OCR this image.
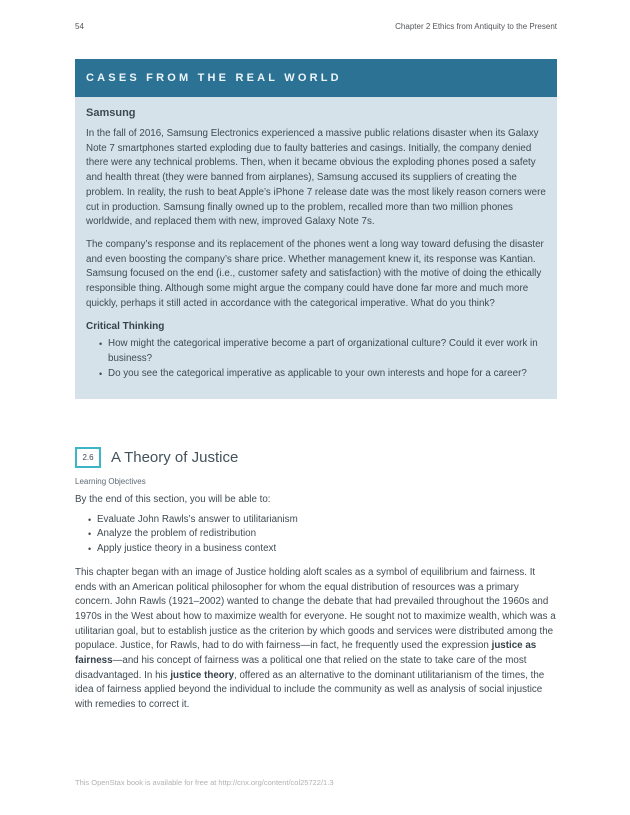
54	Chapter 2 Ethics from Antiquity to the Present
CASES FROM THE REAL WORLD
Samsung

In the fall of 2016, Samsung Electronics experienced a massive public relations disaster when its Galaxy Note 7 smartphones started exploding due to faulty batteries and casings. Initially, the company denied there were any technical problems. Then, when it became obvious the exploding phones posed a safety and health threat (they were banned from airplanes), Samsung accused its suppliers of creating the problem. In reality, the rush to beat Apple’s iPhone 7 release date was the most likely reason corners were cut in production. Samsung finally owned up to the problem, recalled more than two million phones worldwide, and replaced them with new, improved Galaxy Note 7s.

The company’s response and its replacement of the phones went a long way toward defusing the disaster and even boosting the company’s share price. Whether management knew it, its response was Kantian. Samsung focused on the end (i.e., customer safety and satisfaction) with the motive of doing the ethically responsible thing. Although some might argue the company could have done far more and much more quickly, perhaps it still acted in accordance with the categorical imperative. What do you think?

Critical Thinking
• How might the categorical imperative become a part of organizational culture? Could it ever work in business?
• Do you see the categorical imperative as applicable to your own interests and hope for a career?
2.6	A Theory of Justice
Learning Objectives

By the end of this section, you will be able to:

• Evaluate John Rawls’s answer to utilitarianism
• Analyze the problem of redistribution
• Apply justice theory in a business context

This chapter began with an image of Justice holding aloft scales as a symbol of equilibrium and fairness. It ends with an American political philosopher for whom the equal distribution of resources was a primary concern. John Rawls (1921–2002) wanted to change the debate that had prevailed throughout the 1960s and 1970s in the West about how to maximize wealth for everyone. He sought not to maximize wealth, which was a utilitarian goal, but to establish justice as the criterion by which goods and services were distributed among the populace. Justice, for Rawls, had to do with fairness—in fact, he frequently used the expression justice as fairness—and his concept of fairness was a political one that relied on the state to take care of the most disadvantaged. In his justice theory, offered as an alternative to the dominant utilitarianism of the times, the idea of fairness applied beyond the individual to include the community as well as analysis of social injustice with remedies to correct it.

This OpenStax book is available for free at http://cnx.org/content/col25722/1.3
